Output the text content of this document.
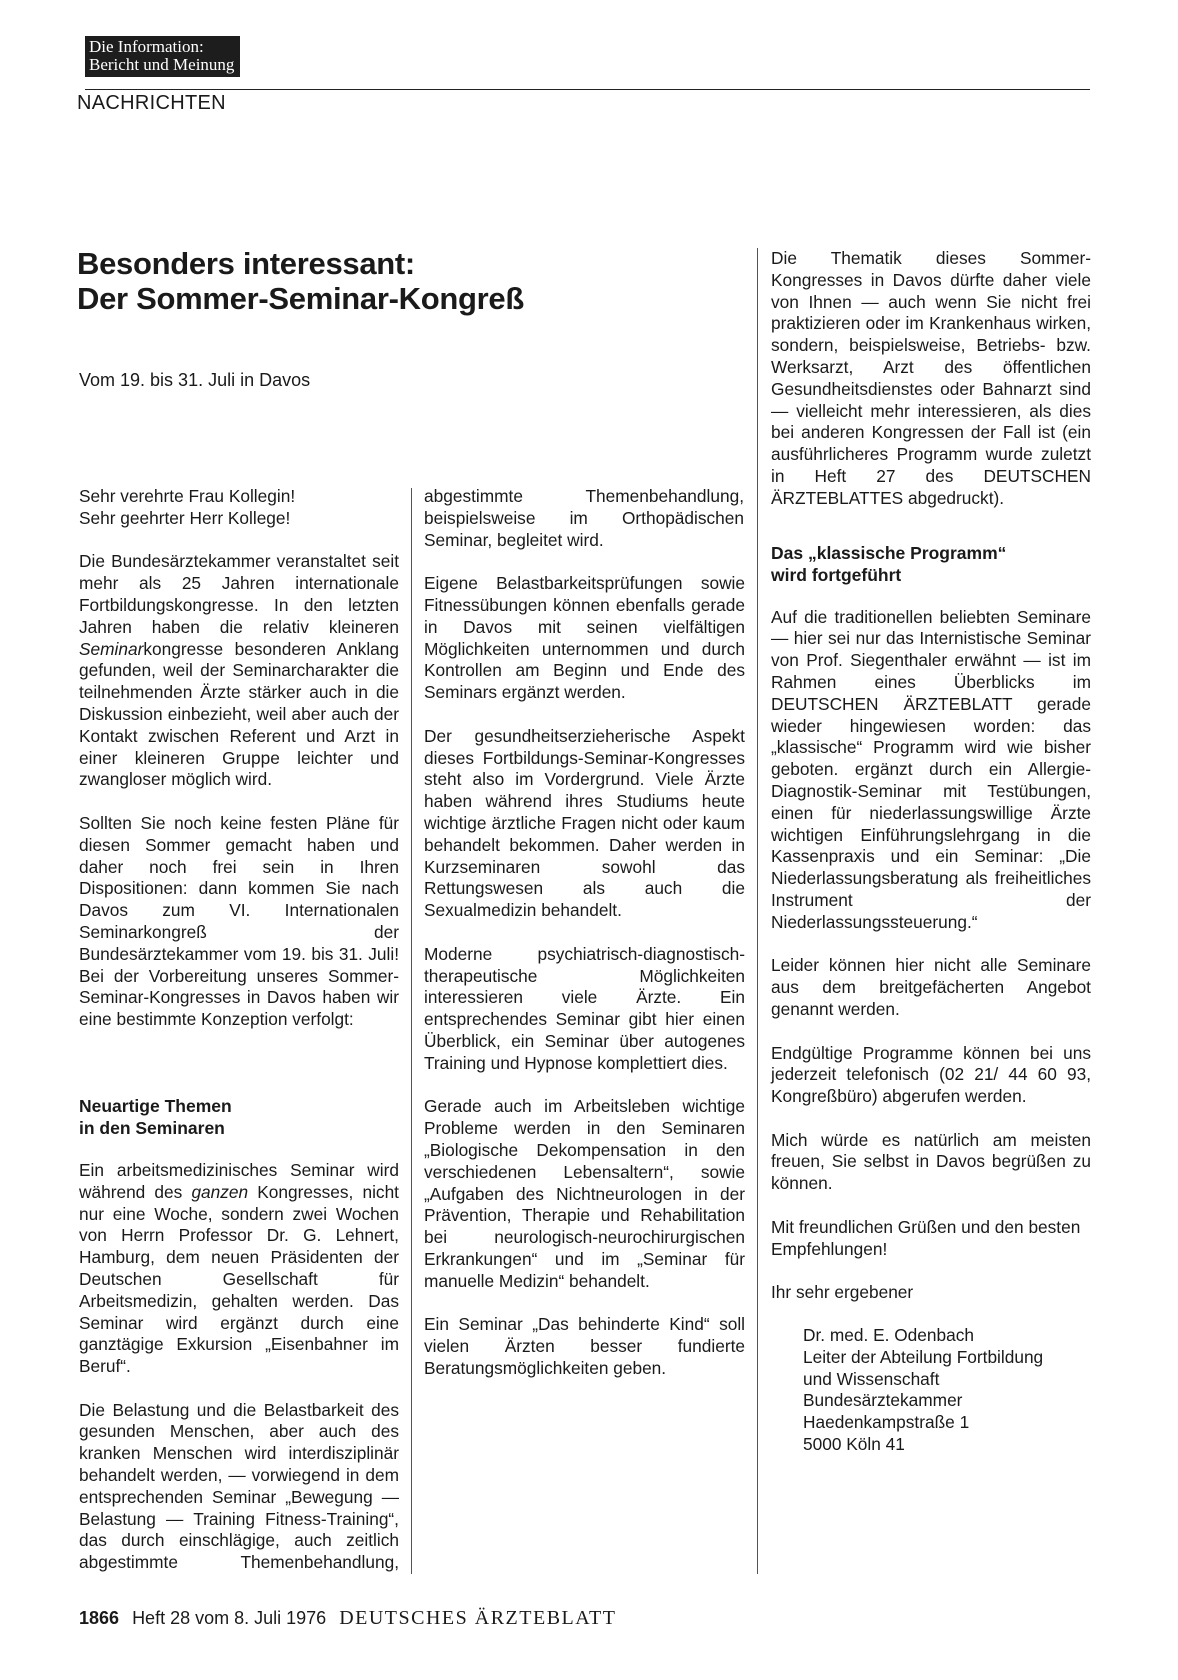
Die Information:
Bericht und Meinung
NACHRICHTEN
Besonders interessant:
Der Sommer-Seminar-Kongreß
Vom 19. bis 31. Juli in Davos

Sehr verehrte Frau Kollegin!
Sehr geehrter Herr Kollege!

Die Bundesärztekammer veranstaltet seit mehr als 25 Jahren internationale Fortbildungskongresse. In den letzten Jahren haben die relativ kleineren Seminarkongresse besonderen Anklang gefunden, weil der Seminarcharakter die teilnehmenden Ärzte stärker auch in die Diskussion einbezieht, weil aber auch der Kontakt zwischen Referent und Arzt in einer kleineren Gruppe leichter und zwangloser möglich wird.

Sollten Sie noch keine festen Pläne für diesen Sommer gemacht haben und daher noch frei sein in Ihren Dispositionen: dann kommen Sie nach Davos zum VI. Internationalen Seminarkongreß der Bundesärztekammer vom 19. bis 31. Juli! Bei der Vorbereitung unseres Sommer-Seminar-Kongresses in Davos haben wir eine bestimmte Konzeption verfolgt:

Neuartige Themen
in den Seminaren

Ein arbeitsmedizinisches Seminar wird während des ganzen Kongresses, nicht nur eine Woche, sondern zwei Wochen von Herrn Professor Dr. G. Lehnert, Hamburg, dem neuen Präsidenten der Deutschen Gesellschaft für Arbeitsmedizin, gehalten werden. Das Seminar wird ergänzt durch eine ganztägige Exkursion „Eisenbahner im Beruf“.

Die Belastung und die Belastbarkeit des gesunden Menschen, aber auch des kranken Menschen wird interdisziplinär behandelt werden, — vorwiegend in dem entsprechenden Seminar „Bewegung — Belastung — Training Fitness-Training“, das durch einschlägige, auch zeitlich abgestimmte Themenbehandlung,

abgestimmte Themenbehandlung, beispielsweise im Orthopädischen Seminar, begleitet wird.

Eigene Belastbarkeitsprüfungen sowie Fitnessübungen können ebenfalls gerade in Davos mit seinen vielfältigen Möglichkeiten unternommen und durch Kontrollen am Beginn und Ende des Seminars ergänzt werden.

Der gesundheitserzieherische Aspekt dieses Fortbildungs-Seminar-Kongresses steht also im Vordergrund. Viele Ärzte haben während ihres Studiums heute wichtige ärztliche Fragen nicht oder kaum behandelt bekommen. Daher werden in Kurzseminaren sowohl das Rettungswesen als auch die Sexualmedizin behandelt.

Moderne psychiatrisch-diagnostisch-therapeutische Möglichkeiten interessieren viele Ärzte. Ein entsprechendes Seminar gibt hier einen Überblick, ein Seminar über autogenes Training und Hypnose komplettiert dies.

Gerade auch im Arbeitsleben wichtige Probleme werden in den Seminaren „Biologische Dekompensation in den verschiedenen Lebensaltern“, sowie „Aufgaben des Nichtneurologen in der Prävention, Therapie und Rehabilitation bei neurologisch-neurochirurgischen Erkrankungen“ und im „Seminar für manuelle Medizin“ behandelt.

Ein Seminar „Das behinderte Kind“ soll vielen Ärzten besser fundierte Beratungsmöglichkeiten geben.

Die Thematik dieses Sommer-Kongresses in Davos dürfte daher viele von Ihnen — auch wenn Sie nicht frei praktizieren oder im Krankenhaus wirken, sondern, beispielsweise, Betriebs- bzw. Werksarzt, Arzt des öffentlichen Gesundheitsdienstes oder Bahnarzt sind — vielleicht mehr interessieren, als dies bei anderen Kongressen der Fall ist (ein ausführlicheres Programm wurde zuletzt in Heft 27 des DEUTSCHEN ÄRZTEBLATTES abgedruckt).

Das „klassische Programm“
wird fortgeführt

Auf die traditionellen beliebten Seminare — hier sei nur das Internistische Seminar von Prof. Siegenthaler erwähnt — ist im Rahmen eines Überblicks im DEUTSCHEN ÄRZTEBLATT gerade wieder hingewiesen worden: das „klassische“ Programm wird wie bisher geboten. ergänzt durch ein Allergie-Diagnostik-Seminar mit Testübungen, einen für niederlassungswillige Ärzte wichtigen Einführungslehrgang in die Kassenpraxis und ein Seminar: „Die Niederlassungsberatung als freiheitliches Instrument der Niederlassungssteuerung.“

Leider können hier nicht alle Seminare aus dem breitgefächerten Angebot genannt werden.

Endgültige Programme können bei uns jederzeit telefonisch (02 21/ 44 60 93, Kongreßbüro) abgerufen werden.

Mich würde es natürlich am meisten freuen, Sie selbst in Davos begrüßen zu können.

Mit freundlichen Grüßen und den besten Empfehlungen!

Ihr sehr ergebener

Dr. med. E. Odenbach
Leiter der Abteilung Fortbildung
und Wissenschaft
Bundesärztekammer
Haedenkampstraße 1
5000 Köln 41
1866 Heft 28 vom 8. Juli 1976 DEUTSCHES ÄRZTEBLATT
